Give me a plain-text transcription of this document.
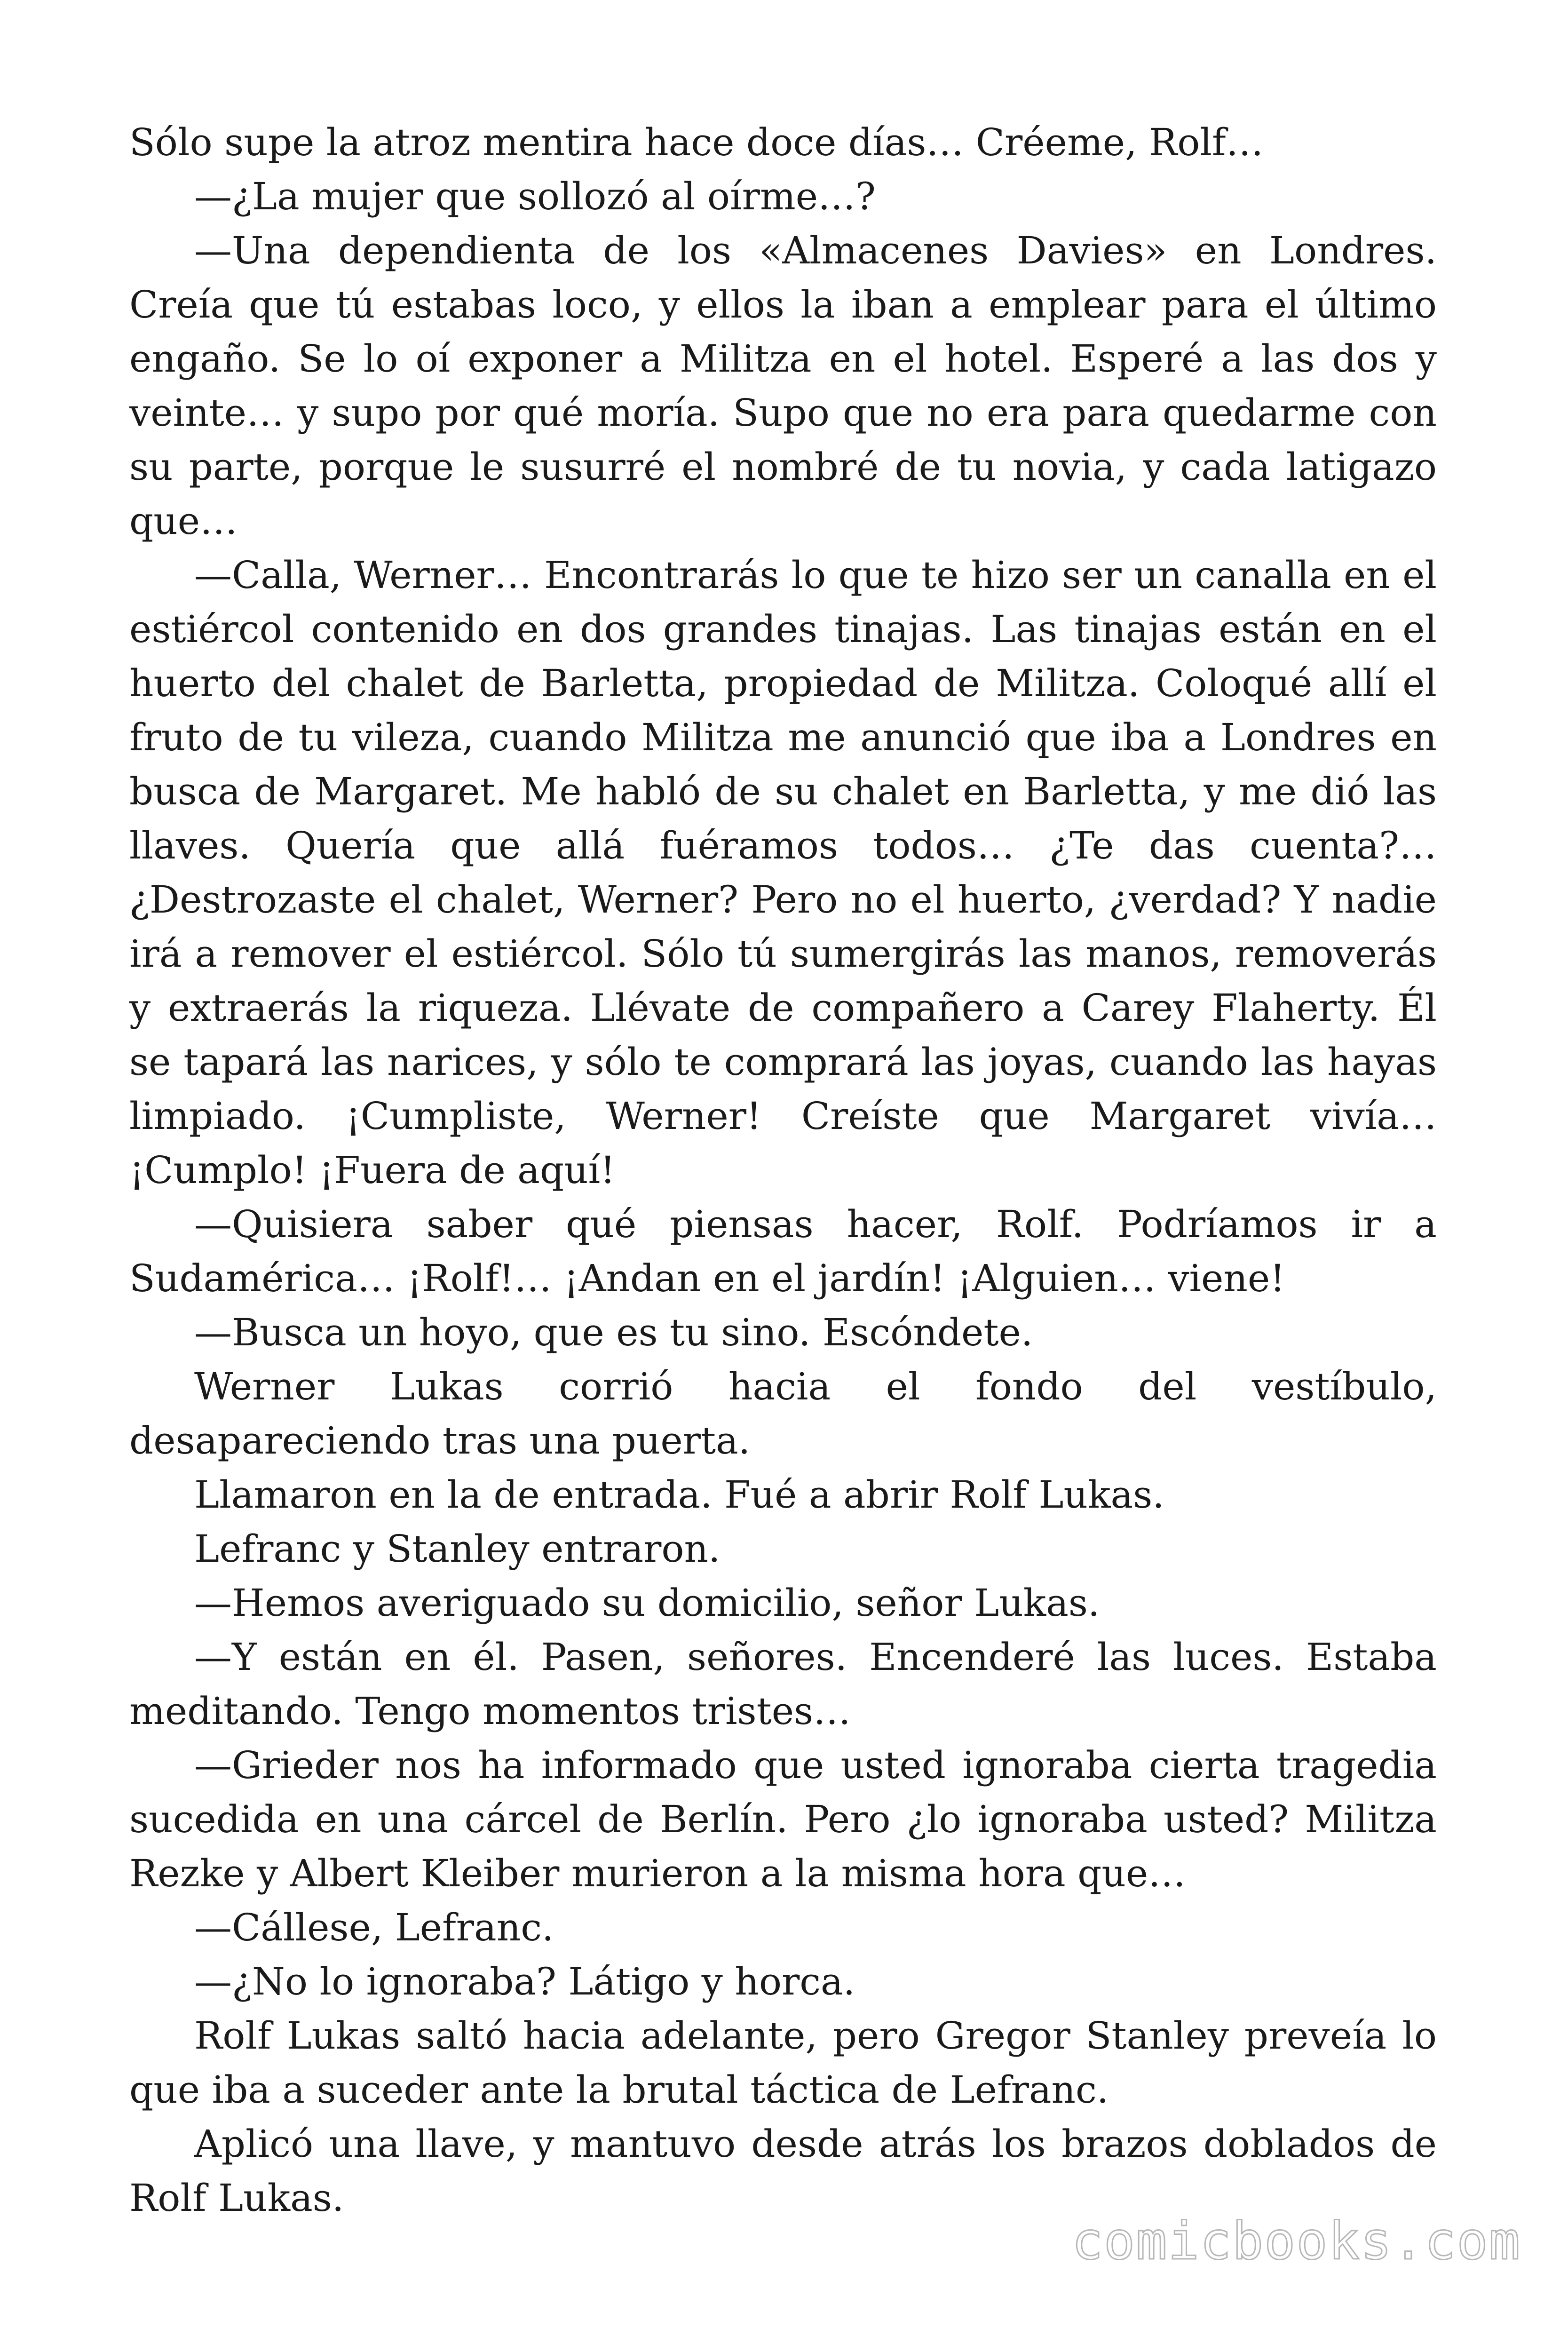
Sólo supe la atroz mentira hace doce días… Créeme, Rolf…

—¿La mujer que sollozó al oírme…?

—Una dependienta de los «Almacenes Davies» en Londres. Creía que tú estabas loco, y ellos la iban a emplear para el último engaño. Se lo oí exponer a Militza en el hotel. Esperé a las dos y veinte… y supo por qué moría. Supo que no era para quedarme con su parte, porque le susurré el nombré de tu novia, y cada latigazo que…

—Calla, Werner… Encontrarás lo que te hizo ser un canalla en el estiércol contenido en dos grandes tinajas. Las tinajas están en el huerto del chalet de Barletta, propiedad de Militza. Coloqué allí el fruto de tu vileza, cuando Militza me anunció que iba a Londres en busca de Margaret. Me habló de su chalet en Barletta, y me dió las llaves. Quería que allá fuéramos todos… ¿Te das cuenta?… ¿Destrozaste el chalet, Werner? Pero no el huerto, ¿verdad? Y nadie irá a remover el estiércol. Sólo tú sumergirás las manos, removerás y extraerás la riqueza. Llévate de compañero a Carey Flaherty. Él se tapará las narices, y sólo te comprará las joyas, cuando las hayas limpiado. ¡Cumpliste, Werner! Creíste que Margaret vivía… ¡Cumplo! ¡Fuera de aquí!

—Quisiera saber qué piensas hacer, Rolf. Podríamos ir a Sudamérica… ¡Rolf!… ¡Andan en el jardín! ¡Alguien… viene!

—Busca un hoyo, que es tu sino. Escóndete.

Werner Lukas corrió hacia el fondo del vestíbulo, desapareciendo tras una puerta.

Llamaron en la de entrada. Fué a abrir Rolf Lukas.

Lefranc y Stanley entraron.

—Hemos averiguado su domicilio, señor Lukas.

—Y están en él. Pasen, señores. Encenderé las luces. Estaba meditando. Tengo momentos tristes…

—Grieder nos ha informado que usted ignoraba cierta tragedia sucedida en una cárcel de Berlín. Pero ¿lo ignoraba usted? Militza Rezke y Albert Kleiber murieron a la misma hora que…

—Cállese, Lefranc.

—¿No lo ignoraba? Látigo y horca.

Rolf Lukas saltó hacia adelante, pero Gregor Stanley preveía lo que iba a suceder ante la brutal táctica de Lefranc.

Aplicó una llave, y mantuvo desde atrás los brazos doblados de Rolf Lukas.

comicbooks.com
